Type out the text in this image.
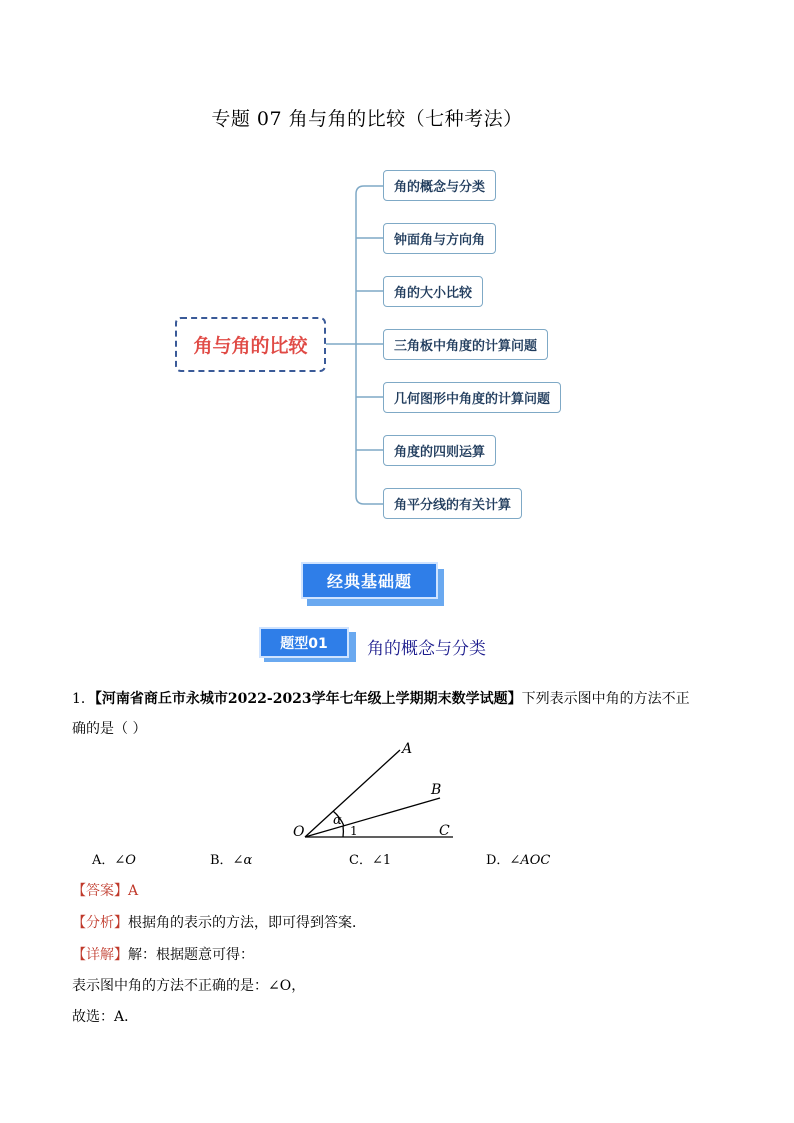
专题 07 角与角的比较（七种考法）
角与角的比较
角的概念与分类
钟面角与方向角
角的大小比较
三角板中角度的计算问题
几何图形中角度的计算问题
角度的四则运算
角平分线的有关计算
经典基础题
题型01	角的概念与分类
1．【河南省商丘市永城市2022-2023学年七年级上学期期末数学试题】下列表示图中角的方法不正
确的是（ ）
A
B
C
O
α
1
A．∠O	B．∠α	C．∠1	D．∠AOC
【答案】A
【分析】根据角的表示的方法，即可得到答案．
【详解】解：根据题意可得：
表示图中角的方法不正确的是：∠O，
故选：A．
